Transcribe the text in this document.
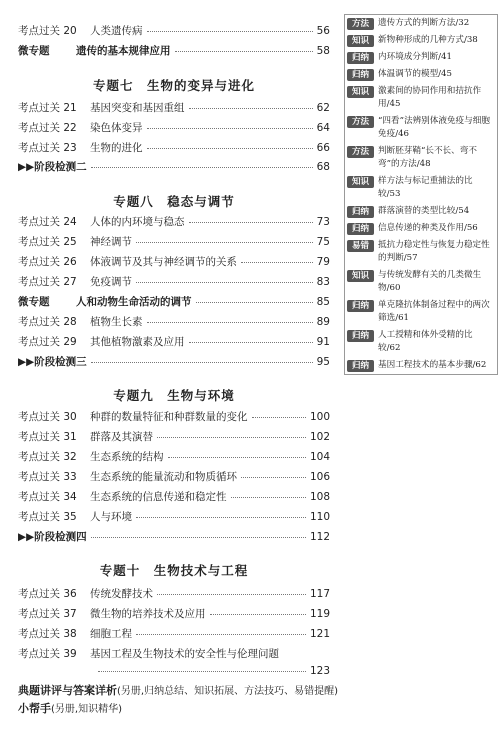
考点过关 20 人类遗传病	56
微专题	遗传的基本规律应用	58
专题七　生物的变异与进化
考点过关 21 基因突变和基因重组	62
考点过关 22 染色体变异	64
考点过关 23 生物的进化	66
▶▶阶段检测二	68
专题八　稳态与调节
考点过关 24 人体的内环境与稳态	73
考点过关 25 神经调节	75
考点过关 26 体液调节及其与神经调节的关系	79
考点过关 27 免疫调节	83
微专题	人和动物生命活动的调节	85
考点过关 28 植物生长素	89
考点过关 29 其他植物激素及应用	91
▶▶阶段检测三	95
专题九　生物与环境
考点过关 30 种群的数量特征和种群数量的变化	100
考点过关 31 群落及其演替	102
考点过关 32 生态系统的结构	104
考点过关 33 生态系统的能量流动和物质循环	106
考点过关 34 生态系统的信息传递和稳定性	108
考点过关 35 人与环境	110
▶▶阶段检测四	112
专题十　生物技术与工程
考点过关 36 传统发酵技术	117
考点过关 37 微生物的培养技术及应用	119
考点过关 38 细胞工程	121
考点过关 39 基因工程及生物技术的安全性与伦理问题
123
方法	遗传方式的判断方法/32
知识	新物种形成的几种方式/38
归纳	内环境成分判断/41
归纳	体温调节的模型/45
知识	激素间的协同作用和拮抗作用/45
方法	“四看”法辨别体液免疫与细胞免疫/46
方法	判断胚芽鞘“长不长、弯不弯”的方法/48
知识	样方法与标记重捕法的比较/53
归纳	群落演替的类型比较/54
归纳	信息传递的种类及作用/56
易错	抵抗力稳定性与恢复力稳定性的判断/57
知识	与传统发酵有关的几类微生物/60
归纳	单克隆抗体制备过程中的两次筛选/61
归纳	人工授精和体外受精的比较/62
归纳	基因工程技术的基本步骤/62
典题讲评与答案详析(另册,归纳总结、知识拓展、方法技巧、易错提醒)
小帮手(另册,知识精华)
